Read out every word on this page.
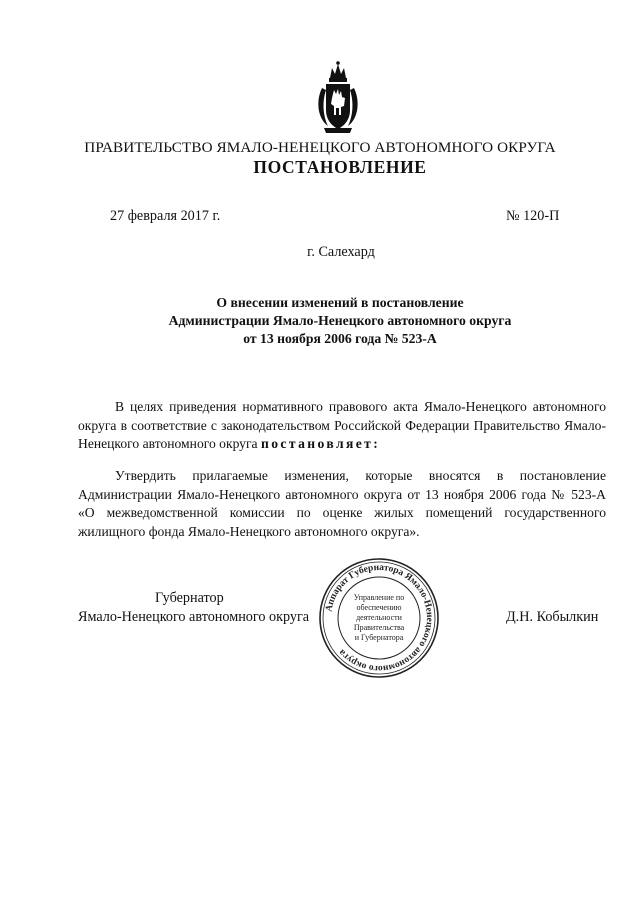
ПРАВИТЕЛЬСТВО ЯМАЛО-НЕНЕЦКОГО АВТОНОМНОГО ОКРУГА
ПОСТАНОВЛЕНИЕ
27 февраля 2017 г.	№ 120-П
г. Салехард
О внесении изменений в постановление
Администрации Ямало-Ненецкого автономного округа
от 13 ноября 2006 года № 523-А

В целях приведения нормативного правового акта Ямало-Ненецкого автономного округа в соответствие с законодательством Российской Федерации Правительство Ямало-Ненецкого автономного округа постановляет:

Утвердить прилагаемые изменения, которые вносятся в постановление Администрации Ямало-Ненецкого автономного округа от 13 ноября 2006 года № 523-А «О межведомственной комиссии по оценке жилых помещений государственного жилищного фонда Ямало-Ненецкого автономного округа».

Губернатор
Ямало-Ненецкого автономного округа	Д.Н. Кобылкин
Аппарат Губернатора Ямало-Ненецкого автономного округа
Управление по
обеспечению
деятельности
Правительства
и Губернатора
